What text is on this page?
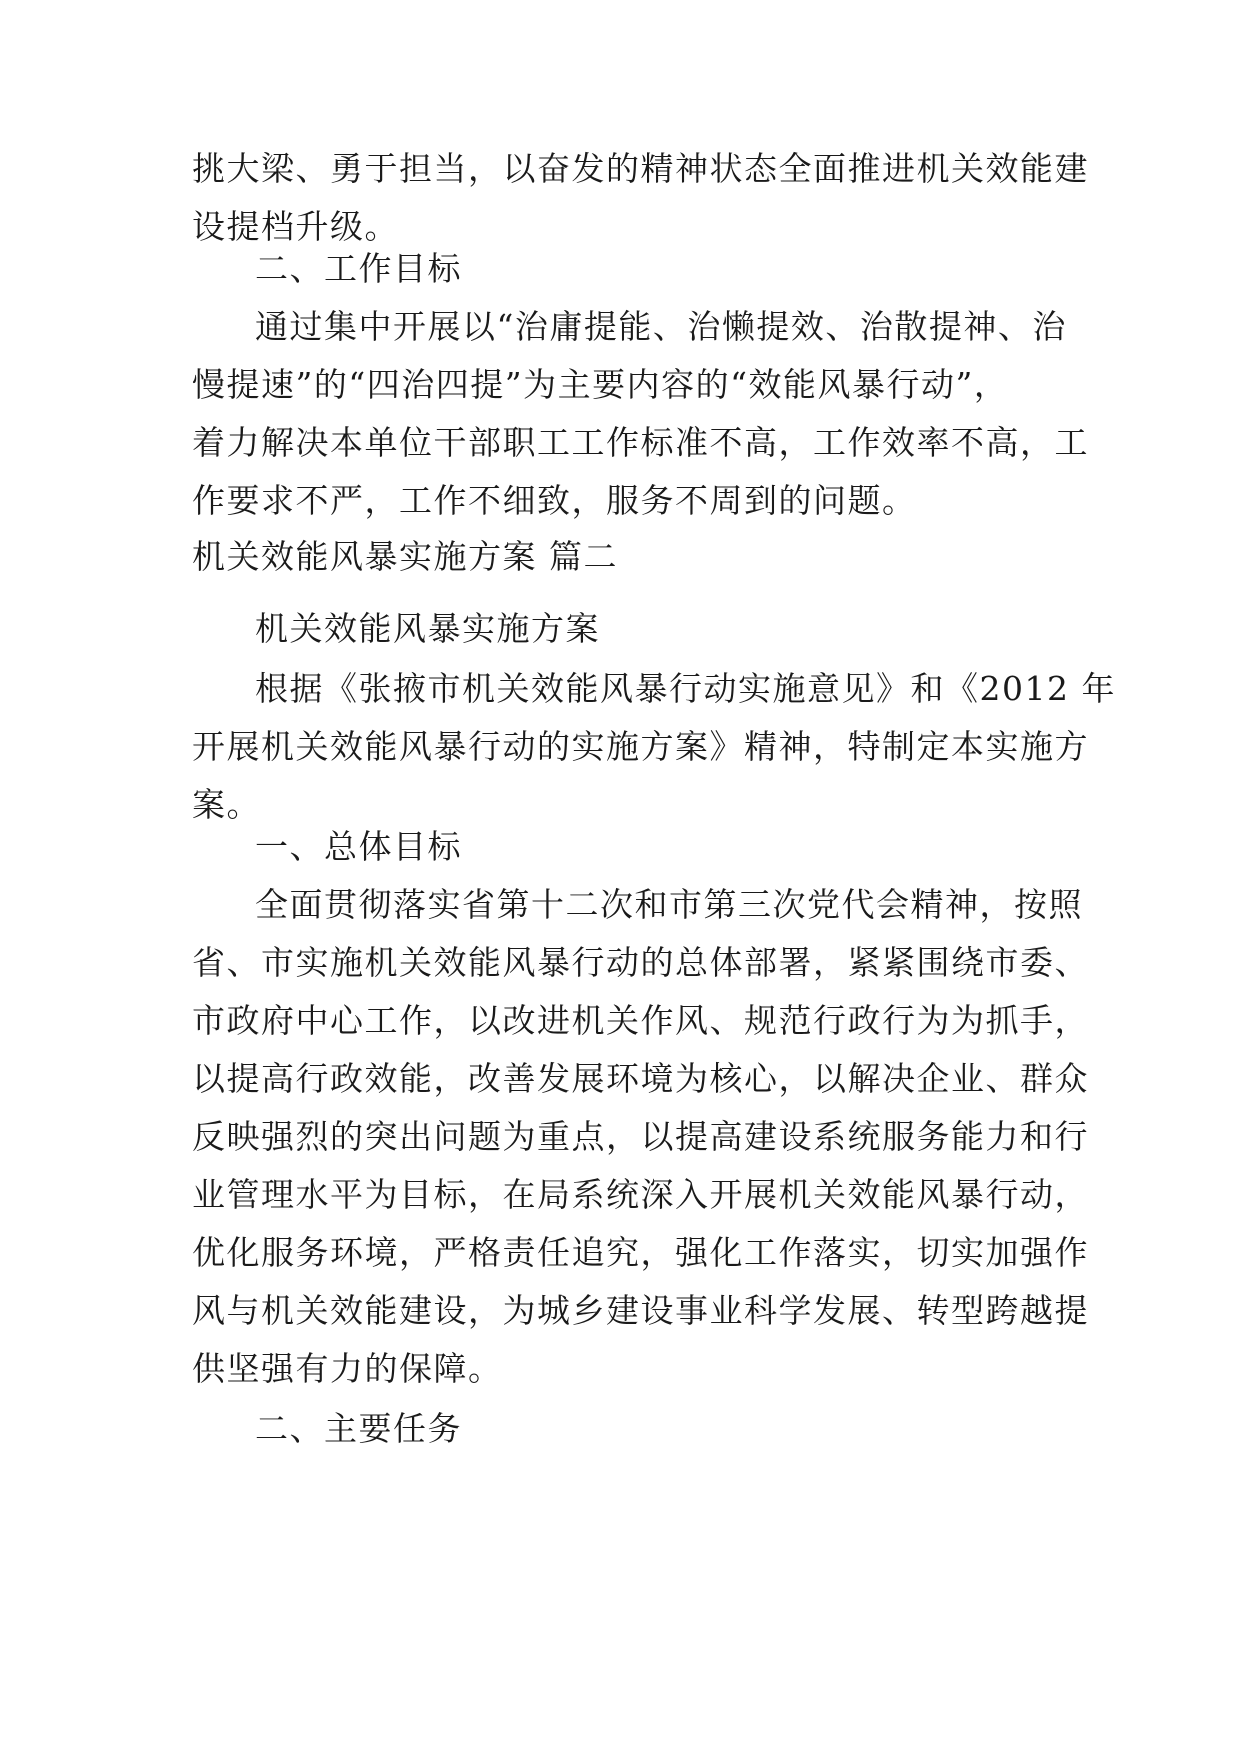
挑大梁、勇于担当，以奋发的精神状态全面推进机关效能建
设提档升级。
二、工作目标
通过集中开展以“治庸提能、治懒提效、治散提神、治
慢提速”的“四治四提”为主要内容的“效能风暴行动”，
着力解决本单位干部职工工作标准不高，工作效率不高，工
作要求不严，工作不细致，服务不周到的问题。
机关效能风暴实施方案 篇二
机关效能风暴实施方案
根据《张掖市机关效能风暴行动实施意见》和《2012 年
开展机关效能风暴行动的实施方案》精神，特制定本实施方
案。
一、总体目标
全面贯彻落实省第十二次和市第三次党代会精神，按照
省、市实施机关效能风暴行动的总体部署，紧紧围绕市委、
市政府中心工作，以改进机关作风、规范行政行为为抓手，
以提高行政效能，改善发展环境为核心，以解决企业、群众
反映强烈的突出问题为重点，以提高建设系统服务能力和行
业管理水平为目标，在局系统深入开展机关效能风暴行动，
优化服务环境，严格责任追究，强化工作落实，切实加强作
风与机关效能建设，为城乡建设事业科学发展、转型跨越提
供坚强有力的保障。
二、主要任务
